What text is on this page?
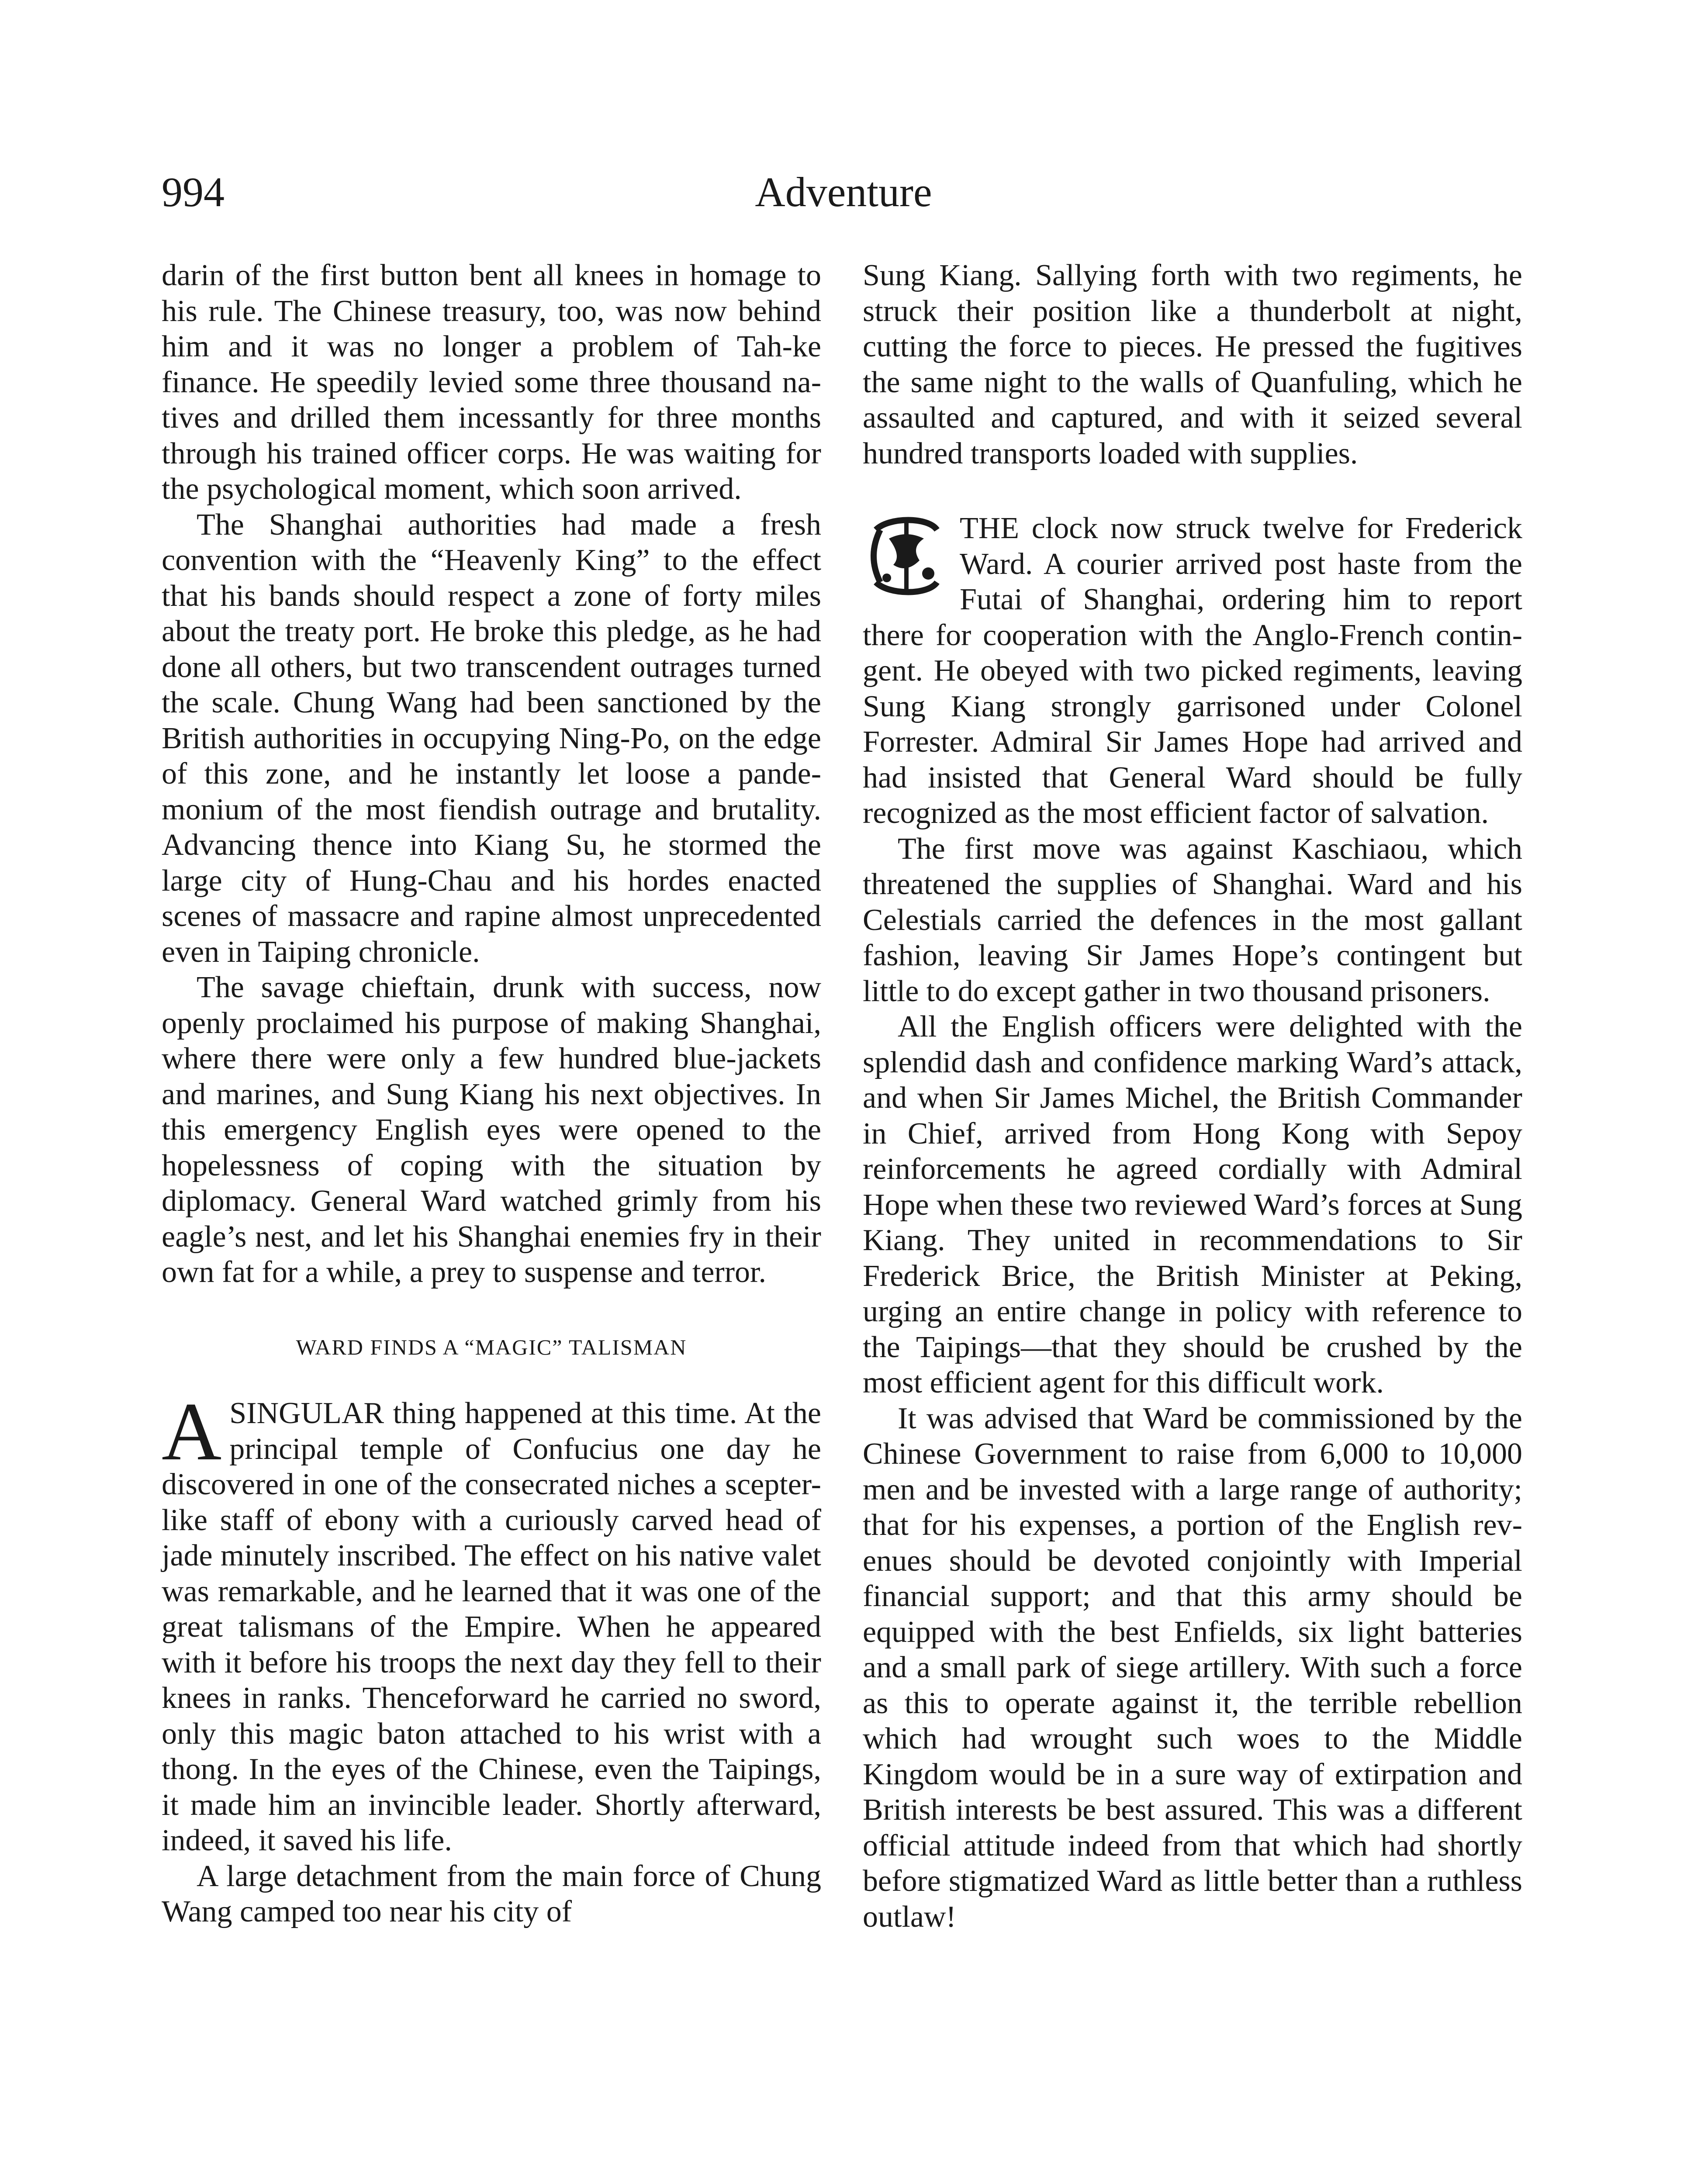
994	Adventure

darin of the first button bent all knees in homage to his rule. The Chinese treasury, too, was now behind him and it was no longer a problem of Tah-ke finance. He speedily levied some three thousand natives and drilled them incessantly for three months through his trained officer corps. He was waiting for the psychological moment, which soon arrived.

The Shanghai authorities had made a fresh convention with the “Heavenly King” to the effect that his bands should respect a zone of forty miles about the treaty port. He broke this pledge, as he had done all others, but two transcendent outrages turned the scale. Chung Wang had been sanctioned by the British authorities in occupying Ning-Po, on the edge of this zone, and he instantly let loose a pandemonium of the most fiendish outrage and brutality. Advancing thence into Kiang Su, he stormed the large city of Hung-Chau and his hordes enacted scenes of massacre and rapine almost unprecedented even in Taiping chronicle.

The savage chieftain, drunk with success, now openly proclaimed his purpose of making Shanghai, where there were only a few hundred blue-jackets and marines, and Sung Kiang his next objectives. In this emergency English eyes were opened to the hopelessness of coping with the situation by diplomacy. General Ward watched grimly from his eagle’s nest, and let his Shanghai enemies fry in their own fat for a while, a prey to suspense and terror.

WARD FINDS A “MAGIC” TALISMAN

ASINGULAR thing happened at this time. At the principal temple of Confucius one day he discovered in one of the consecrated niches a scepter-like staff of ebony with a curiously carved head of jade minutely inscribed. The effect on his native valet was remarkable, and he learned that it was one of the great talismans of the Empire. When he appeared with it before his troops the next day they fell to their knees in ranks. Thenceforward he carried no sword, only this magic baton attached to his wrist with a thong. In the eyes of the Chinese, even the Taipings, it made him an invincible leader. Shortly afterward, indeed, it saved his life.

A large detachment from the main force of Chung Wang camped too near his city of

Sung Kiang. Sallying forth with two regiments, he struck their position like a thunderbolt at night, cutting the force to pieces. He pressed the fugitives the same night to the walls of Quanfuling, which he assaulted and captured, and with it seized several hundred transports loaded with supplies.

THE clock now struck twelve for Frederick Ward. A courier arrived post haste from the Futai of Shanghai, ordering him to report there for cooperation with the Anglo-French contingent. He obeyed with two picked regiments, leaving Sung Kiang strongly garrisoned under Colonel Forrester. Admiral Sir James Hope had arrived and had insisted that General Ward should be fully recognized as the most efficient factor of salvation.

The first move was against Kaschiaou, which threatened the supplies of Shanghai. Ward and his Celestials carried the defences in the most gallant fashion, leaving Sir James Hope’s contingent but little to do except gather in two thousand prisoners.

All the English officers were delighted with the splendid dash and confidence marking Ward’s attack, and when Sir James Michel, the British Commander in Chief, arrived from Hong Kong with Sepoy reinforcements he agreed cordially with Admiral Hope when these two reviewed Ward’s forces at Sung Kiang. They united in recommendations to Sir Frederick Brice, the British Minister at Peking, urging an entire change in policy with reference to the Taipings—that they should be crushed by the most efficient agent for this difficult work.

It was advised that Ward be commissioned by the Chinese Government to raise from 6,000 to 10,000 men and be invested with a large range of authority; that for his expenses, a portion of the English revenues should be devoted conjointly with Imperial financial support; and that this army should be equipped with the best Enfields, six light batteries and a small park of siege artillery. With such a force as this to operate against it, the terrible rebellion which had wrought such woes to the Middle Kingdom would be in a sure way of extirpation and British interests be best assured. This was a different official attitude indeed from that which had shortly before stigmatized Ward as little better than a ruthless outlaw!
